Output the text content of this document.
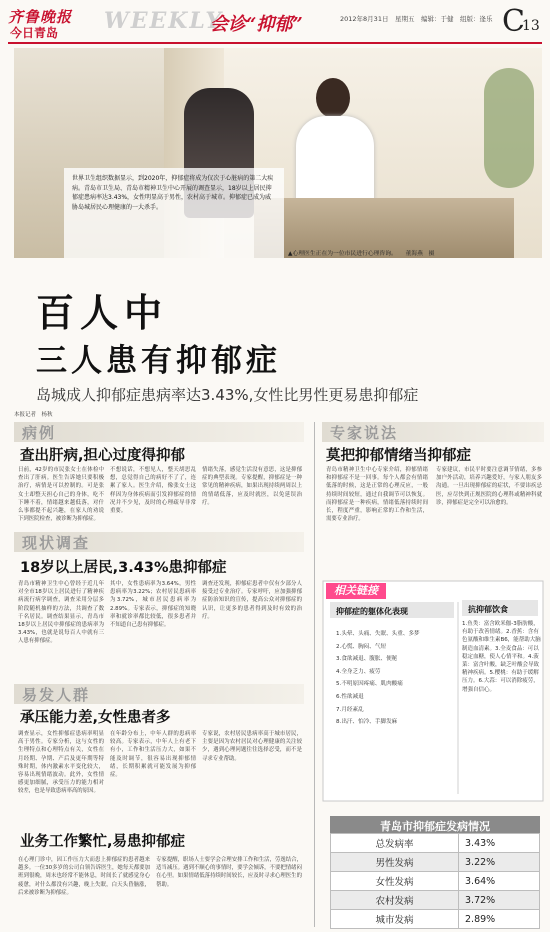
齐鲁晚报
今日青岛 WEEKLY
会诊“抑郁”	2012年8月31日　星期五　编辑：于健　组版：逄乐 C
13
世界卫生组织数据显示，到2020年，抑郁症将成为仅次于心脏病的第二大疾病。青岛市卫生局、青岛市精神卫生中心开展的调查显示，18岁以上居民抑郁症患病率达3.43%，女性明显高于男性，农村高于城市。抑郁症已成为威胁岛城居民心理健康的一大杀手。
▲心理医生正在为一位市民进行心理咨询。　　董海燕　摄
百人中
三人患有抑郁症
岛城成人抑郁症患病率达3.43%,女性比男性更易患抑郁症
本报记者　杨秋
病例
查出肝病,担心过度得抑郁
日前，42岁的市民张女士在体检中查出了肝病。医生告诉她只要积极治疗，病情是可以控制的。可是张女士却整天担心自己的身体，吃不下睡不着，情绪越来越低落，对什么事都提不起兴趣，在家人的劝说下到医院检查，被诊断为抑郁症。
不想说话，不想见人，整天胡思乱想，总觉得自己的病好不了了，连累了家人。医生介绍，像张女士这样因为身体疾病而引发抑郁症的情况并不少见，及时的心理疏导非常重要。
情绪失落，感觉生活没有意思，这是抑郁症的典型表现。专家提醒，抑郁症是一种常见的精神疾病，如果出现持续两周以上的情绪低落，应及时就医，以免延误治疗。
专家说法
莫把抑郁情绪当抑郁症
青岛市精神卫生中心专家介绍，抑郁情绪和抑郁症不是一回事。每个人都会有情绪低落的时候，这是正常的心理反应，一般持续时间较短，通过自我调节可以恢复。而抑郁症是一种疾病，情绪低落持续时间长，程度严重，影响正常的工作和生活，需要专业治疗。
专家建议，市民平时要注意调节情绪，多参加户外活动，培养兴趣爱好，与家人朋友多沟通。一旦出现抑郁症的症状，不要讳疾忌医，应尽快到正规医院的心理科或精神科就诊，抑郁症是完全可以治愈的。
现状调查
18岁以上居民,3.43%患抑郁症
青岛市精神卫生中心曾经于近几年对全市18岁以上居民进行了精神疾病流行病学调查，调查采用分层多阶段随机抽样的方法，共调查了数千名居民。调查结果显示，青岛市18岁以上居民中抑郁症的患病率为3.43%，也就是说每百人中就有三人患有抑郁症。
其中，女性患病率为3.64%，男性患病率为3.22%；农村居民患病率为3.72%，城市居民患病率为2.89%。专家表示，抑郁症的知晓率和就诊率都比较低，很多患者并不知道自己患有抑郁症。
调查还发现，抑郁症患者中仅有少部分人接受过专业治疗。专家呼吁，应加强抑郁症防治知识的宣传，提高公众对抑郁症的认识，让更多的患者得到及时有效的治疗。
易发人群
承压能力差,女性患者多
调查显示，女性抑郁症患病率明显高于男性。专家分析，这与女性的生理特点和心理特点有关，女性在月经期、孕期、产后及更年期等特殊时期，体内激素水平变化较大，容易出现情绪波动。此外，女性情感更加细腻，承受压力的能力相对较差，也是导致患病率高的原因。
在年龄分布上，中年人群的患病率较高。专家表示，中年人上有老下有小，工作和生活压力大，如果不能及时调节，很容易出现抑郁情绪，长期积累就可能发展为抑郁症。
专家说，农村居民患病率高于城市居民，主要是因为农村居民对心理健康的关注较少，遇到心理问题往往选择忍受，而不是寻求专业帮助。
业务工作繁忙,易患抑郁症
在心理门诊中，因工作压力大而患上抑郁症的患者越来越多。一位30多岁的公司白领告诉医生，她每天都要加班到很晚，周末也经常不能休息，时间长了就感觉身心疲惫，对什么都没有兴趣，晚上失眠，白天头昏脑涨，后来被诊断为抑郁症。
专家提醒，职场人士要学会合理安排工作和生活，劳逸结合，适当减压。遇到不顺心的事情时，要学会倾诉，不要把情绪闷在心里。如果情绪低落持续时间较长，应及时寻求心理医生的帮助。
相关链接
抑郁症的躯体化表现	抗抑郁饮食
1.头晕、头痛、失眠、头重、多梦
2.心慌、胸闷、气短
3.食欲减退、腹胀、便秘
4.全身乏力、疲劳
5.不明原因疼痛、肌肉酸痛
6.性欲减退
7.月经紊乱
8.出汗、怕冷、手脚发麻
1.鱼类：富含欧米伽-3脂肪酸，有助于改善情绪。2.香蕉：含有色氨酸和维生素B6，能帮助大脑制造血清素。3.全麦食品：可以稳定血糖，使人心情平和。4.菠菜：富含叶酸，缺乏叶酸会导致精神疾病。5.樱桃：有助于缓解压力。6.大蒜：可以消除疲劳，增强自信心。
青岛市抑郁症发病情况
总发病率	3.43%
男性发病	3.22%
女性发病	3.64%
农村发病	3.72%
城市发病	2.89%
